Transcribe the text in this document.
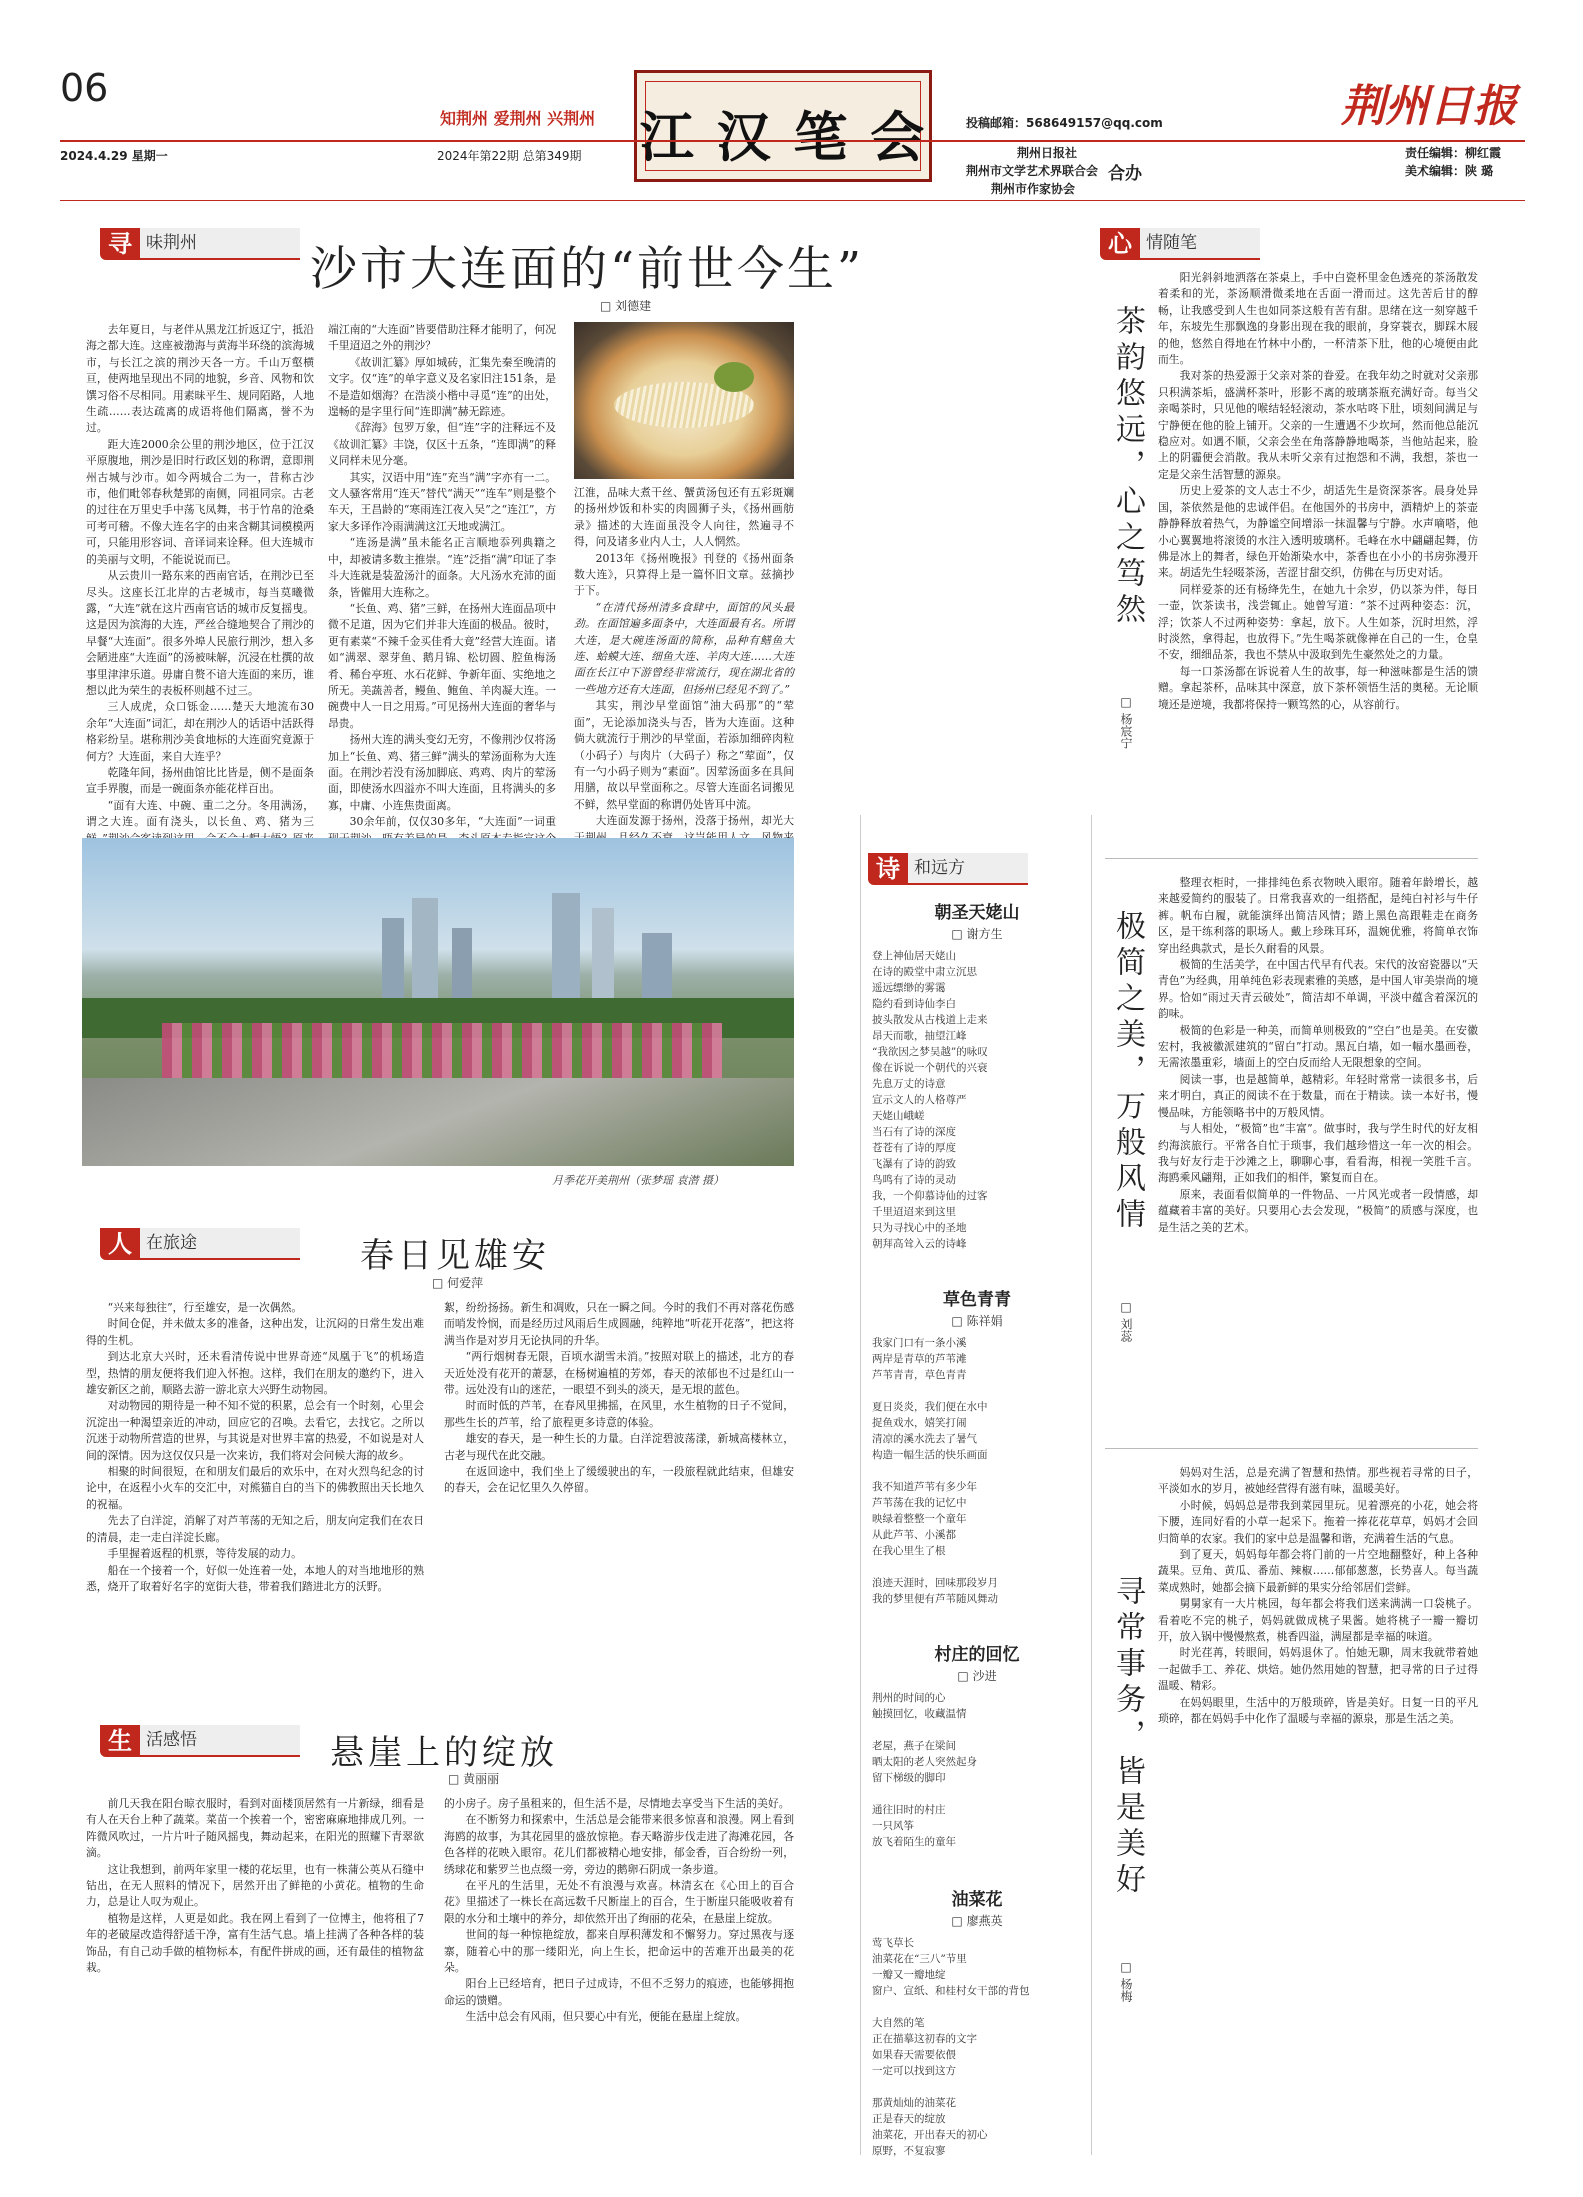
06
2024.4.29 星期一
知荆州 爱荆州 兴荆州
2024年第22期 总第349期 江 汉 笔 会	投稿邮箱：568649157@qq.com
荆州日报社
荆州市文学艺术界联合会 合办
荆州市作家协会
荆州日报
责任编辑：柳红霞
美术编辑：陕 璐
寻 味荆州	沙市大连面的“前世今生”
□ 刘德建

去年夏日，与老伴从黑龙江折返辽宁，抵沿海之都大连。这座被渤海与黄海半环绕的滨海城市，与长江之滨的荆沙天各一方。千山万壑横亘，使两地呈现出不同的地貌，乡音、风物和饮馔习俗不尽相同。用素昧平生、规同陌路，人地生疏……表达疏离的成语将他们隔离，誉不为过。

距大连2000余公里的荆沙地区，位于江汉平原腹地，荆沙是旧时行政区划的称谓，意即荆州古城与沙市。如今两城合二为一，昔称古沙市，他们毗邻春秋楚郢的南侧，同祖同宗。古老的过往在万里史手中荡飞凤舞，书于竹帛的沧桑可考可稽。不像大连名字的由来含糊其词模模两可，只能用形容词、音译词来诠释。但大连城市的美丽与文明，不能说说而已。

从云贵川一路东来的西南官话，在荆沙已至尽头。这座长江北岸的古老城市，每当莫曦微露，“大连”就在这片西南官话的城市反复摇曳。这是因为滨海的大连，严丝合缝地契合了荆沙的早餐“大连面”。很多外埠人民旅行荆沙，想入多会陋进座“大连面”的汤被味解，沉浸在杜撰的故事里津津乐道。毋庸自赘不谙大连面的来历，谁想以此为荣生的表板杯则越不过三。

三人成虎，众口铄金……楚天大地流布30余年“大连面”词汇，却在荆沙人的话语中活跃得格彩纷呈。堪称荆沙美食地标的大连面究竟源于何方？大连面，来自大连乎？

乾隆年间，扬州曲馆比比皆是，侧不是面条宣手界腹，而是一碗面条亦能花样百出。

“面有大连、中碗、重二之分。冬用满汤，谓之大连。面有浇头，以长鱼、鸡、猪为三

端江南的“大连面”皆要借助注释才能明了，何况千里迢迢之外的荆沙？

《故训汇纂》厚如城砖，汇集先秦至晚清的文字。仅“连”的单字意义及名家旧注151条，是不是造如烟海？在浩淡小楷中寻觅“连”的出处，遑畅的是字里行间“连即满”赫无踪迹。

《辞海》包罗万象，但“连”字的注释远不及《故训汇纂》丰饶，仅区十五条，“连即满”的释义同样未见分毫。

其实，汉语中用“连”充当“满”字亦有一二。文人骚客常用“连天”替代“满天”“连车”则是整个车天，王昌龄的“寒雨连江夜入吴”之“连江”，方家大多译作冷雨满满这江天地或满江。

“连汤是满”虽未能名正言顺地忝列典籍之中，却被请多数主推崇。“连”泛指“满”印证了李斗大连就是装盈汤汁的面条。大凡汤水充沛的面条，皆僱用大连称之。

“长鱼、鸡、猪”三鲜，在扬州大连面品项中微不足道，因为它们并非大连面的极品。彼时，更有素菜“不辣千金买佳肴大竟”经营大连面。诸如“满翠、翠芽鱼、鹅月锦、松切圆、腔鱼梅汤肴、稀台亭班、水石花鲜、争新年面、实绝地之所无。美蔬善者，鳗鱼、鲍鱼、羊肉凝大连。一碗费中人一日之用焉。”可见扬州大连面的奢华与昂贵。

扬州大连的满头变幻无穷，不像荆沙仅将汤加上“长鱼、鸡、猪三鲜”满头的荤汤面称为大连面。在荆沙若没有汤加脚底、鸡鸡、肉片的荤汤面，即使汤水四溢亦不叫大连面，且将满头的多寡，中庸、小连焦贵面离。

30余年前，仅仅30多年，“大连面”一词重

江淮，品味大煮干丝、蟹黄汤包还有五彩斑斓的扬州炒饭和朴实的肉圆狮子头，《扬州画舫录》描述的大连面虽没令人向往，然遍寻不得，问及诸多业内人士，人人惘然。

2013年《扬州晚报》刊登的《扬州面条数大连》，只算得上是一篇怀旧文章。兹摘抄于下。

“在清代扬州清多食肆中，面馆的风头最劲。在面馆遍多面条中，大连面最有名。所谓大连，是大碗连汤面的简称，品种有鳝鱼大连、蛤蟆大连、细鱼大连、羊肉大连……大连面在长江中下游曾经非常流行，现在湖北省的一些地方还有大连面，但扬州已经见不到了。”

其实，荆沙早堂面馆“油大码那”的“荤面”，无论添加浇头与否，皆为大连面。这种倘大就流行于荆沙的早堂面，若添加细碎肉粒（小码子）与肉片（大码子）称之“荤面”，仅有一勺小码子则为“素面”。因荤汤面多在具间用膳，故以早堂面称之。尽管大连面名词搬见不鲜，然早堂面的称谓仍处皆耳中流。

大连面发源于扬州，没落于扬州，却光大

月季花开美荆州（张梦瑶 袁潜 摄）
心 情随笔
茶韵悠远，心之笃然
□ 杨宸宁

阳光斜斜地洒落在茶桌上，手中白瓷杯里金色透亮的茶汤散发着柔和的光，茶汤顺滑微柔地在舌面一滑而过。这先苦后甘的醇畅，让我感受到人生也如同茶这般有苦有甜。思绪在这一刻穿越千年，东坡先生那飘逸的身影出现在我的眼前，身穿蓑衣，脚踩木屐的他，悠然自得地在竹林中小酌，一杯清茶下肚，他的心境便由此而生。

我对茶的热爱源于父亲对茶的眷爱。在我年幼之时就对父亲那只积满茶垢，盛满杯茶叶，形影不离的玻璃茶瓶充满好奇。每当父亲喝茶时，只见他的喉结轻轻滚动，茶水咕咚下肚，顷刻间满足与宁静便在他的脸上铺开。父亲的一生遭遇不少坎坷，然而他总能沉稳应对。如遇不顺，父亲会坐在角落静静地喝茶，当他站起来，脸上的阴霾便会消散。我从未听父亲有过抱怨和不满，我想，茶也一定是父亲生活智慧的源泉。

历史上爱茶的文人志士不少，胡适先生是资深茶客。晨身处异国，茶依然是他的忠诚伴侣。在他国外的书房中，酒精炉上的茶壶静静释放着热气，为静谧空间增添一抹温馨与宁静。水声嘀嗒，他小心翼翼地将滚烫的水注入透明玻璃杯。毛峰在水中翩翩起舞，仿佛是冰上的舞者，绿色开始渐染水中，茶香也在小小的书房弥漫开来。胡适先生轻啜茶汤，苦涩甘甜交织，仿佛在与历史对话。

同样爱茶的还有杨绛先生，在她九十余岁，仍以茶为伴，每日一壶，饮茶读书，浅尝辄止。她曾写道：“茶不过两种姿态：沉，浮；饮茶人不过两种姿势：拿起，放下。人生如茶，沉时坦然，浮时淡然，拿得起，也放得下。”先生喝茶就像禅在自己的一生，仓皇不安，细细品茶，我也不禁从中汲取到先生豪然处之的力量。

每一口茶汤都在诉说着人生的故事，每一种滋味都是生活的馈赠。拿起茶杯，品味其中深意，放下茶杯领悟生活的奥秘。无论顺境还是逆境，我都将保持一颗笃然的心，从容前行。

极简之美，万般风情
□ 刘蕊

整理衣柜时，一排排纯色系衣物映入眼帘。随着年龄增长，越来越爱简约的服装了。日常我喜欢的一组搭配，是纯白衬衫与牛仔裤。帆布白履，就能演绎出简洁风情；踏上黑色高跟鞋走在商务区，是干练利落的职场人。戴上珍珠耳环，温婉优雅，将简单衣饰穿出经典款式，是长久耐看的风景。

极简的生活美学，在中国古代早有代表。宋代的汝窑瓷器以“天青色”为经典，用单纯色彩表现素雅的美感，是中国人审美崇尚的境界。恰如“雨过天青云破处”，简洁却不单调，平淡中蕴含着深沉的韵味。

极简的色彩是一种美，而简单则极致的“空白”也是美。在安徽宏村，我被徽派建筑的“留白”打动。黑瓦白墙，如一幅水墨画卷，无需浓墨重彩，墙面上的空白反而给人无限想象的空间。

阅读一事，也是越简单，越精彩。年轻时常常一读很多书，后来才明白，真正的阅读不在于数量，而在于精读。读一本好书，慢慢品味，方能领略书中的万般风情。

与人相处，“极简”也“丰富”。做事时，我与学生时代的好友相约海滨旅行。平常各自忙于琐事，我们越珍惜这一年一次的相会。我与好友行走于沙滩之上，聊聊心事，看看海，相视一笑胜千言。海鸥乘风翩翔，正如我们的相伴，繁复而自在。

原来，表面看似简单的一件物品、一片风光或者一段情感，却蕴藏着丰富的美好。只要用心去会发现，“极简”的质感与深度，也是生活之美的艺术。

寻常事务，皆是美好
□ 杨梅

妈妈对生活，总是充满了智慧和热情。那些视若寻常的日子，平淡如水的岁月，被她经营得有滋有味，温暖美好。

小时候，妈妈总是带我到菜园里玩。见着漂亮的小花，她会将下腰，连同好看的小草一起采下。拖着一捧花花草草，妈妈才会回归简单的农家。我们的家中总是温馨和谐，充满着生活的气息。

到了夏天，妈妈每年都会将门前的一片空地翻整好，种上各种蔬果。豆角、黄瓜、番茄、辣椒……郁郁葱葱，长势喜人。每当蔬菜成熟时，她都会摘下最新鲜的果实分给邻居们尝鲜。

舅舅家有一大片桃园，每年都会将我们送来满满一口袋桃子。看着吃不完的桃子，妈妈就做成桃子果酱。她将桃子一瓣一瓣切开，放入锅中慢慢熬煮，桃香四溢，满屋都是幸福的味道。

时光荏苒，转眼间，妈妈退休了。怕她无聊，周末我就带着她一起做手工、养花、烘焙。她仍然用她的智慧，把寻常的日子过得温暖、精彩。

在妈妈眼里，生活中的万般琐碎，皆是美好。日复一日的平凡琐碎，都在妈妈手中化作了温暖与幸福的源泉，那是生活之美。

诗 和远方

朝圣天姥山

□ 谢方生

登上神仙居天姥山

在诗的殿堂中肃立沉思

遥远缥缈的雾霭

隐约看到诗仙李白

披头散发从古栈道上走来

昂天而歌，抽望江峰

“我欲因之梦吴越”的咏叹

像在诉说一个朝代的兴衰

先息万丈的诗意

宣示文人的人格尊严

天姥山峨嵯

当石有了诗的深度

苍苍有了诗的厚度

飞瀑有了诗的韵致

鸟鸣有了诗的灵动

我，一个仰慕诗仙的过客

千里迢迢来到这里

只为寻找心中的圣地

朝拜高耸入云的诗峰

草色青青

□ 陈祥娟

我家门口有一条小溪

两岸是青草的芦苇滩

芦苇青青，草色青青

夏日炎炎，我们便在水中

捉鱼戏水，嬉笑打闹

清凉的溪水洗去了暑气

构造一幅生活的快乐画面

我不知道芦苇有多少年

芦苇荡在我的记忆中

映绿着整整一个童年

从此芦苇、小溪都

在我心里生了根

浪迹天涯时，回味那段岁月

我的梦里便有芦苇随风舞动

村庄的回忆

□ 沙进

荆州的时间的心

触摸回忆，收藏温情

老屋，燕子在梁间

晒太阳的老人突然起身

留下梯级的脚印

通往旧时的村庄

一只风筝

放飞着陌生的童年

油菜花

□ 廖燕英

莺飞草长

油菜花在“三八”节里

一瓣又一瓣地绽

窗户、宣纸、和桂村女干部的背包

大自然的笔

正在描摹这初春的文字

如果春天需要依偎

一定可以找到这方

那黄灿灿的油菜花

正是春天的绽放

油菜花，开出春天的初心

原野，不复寂寥

人 在旅途	春日见雄安
□ 何爱萍

“兴来每独往”，行至雄安，是一次偶然。

时间仓促，并未做太多的准备，这种出发，让沉闷的日常生发出难得的生机。

到达北京大兴时，还未看清传说中世界奇迹“凤凰于飞”的机场造型，热情的朋友便将我们迎入怀抱。这样，我们在朋友的邀约下，进入雄安新区之前，顺路去游一游北京大兴野生动物园。

对动物园的期待是一种不知不觉的积累，总会有一个时刻，心里会沉淀出一种渴望亲近的冲动，回应它的召唤。去看它，去找它。之所以沉迷于动物所营造的世界，与其说是对世界丰富的热爱，不如说是对人间的深情。因为这仅仅只是一次来访，我们将对会问候大海的故乡。

相聚的时间很短，在和朋友们最后的欢乐中，在对火烈鸟纪念的讨论中，在返程小火车的交汇中，对熊猫自白的当下的佛教照出天长地久的祝福。

先去了白洋淀，消解了对芦苇荡的无知之后，朋友向定我们在农日的清晨，走一走白洋淀长廊。

手里握着返程的机票，等待发展的动力。

船在一个接着一个，好似一处连着一处，本地人的对当地地形的熟悉，烧开了取着好名字的宽街大巷，带着我们踏进北方的沃野。

絮，纷纷扬扬。新生和凋败，只在一瞬之间。今时的我们不再对落花伤感而哨发怜悯，而是经历过风雨后生成圆融，纯粹地“听花开花落”，把这将满当作是对岁月无论执同的升华。

“两行烟树春无限，百顷水湖雪未消。”按照对联上的描述，北方的春天近处没有花开的萧瑟，在杨树遍植的芳郊，春天的浓郁也不过是红山一带。远处没有山的迷茫，一眼望不到头的淡天，是无垠的蓝色。

时而时低的芦苇，在春风里拂摇，在风里，水生植物的日子不觉间，那些生长的芦苇，给了旅程更多诗意的体验。

雄安的春天，是一种生长的力量。白洋淀碧波荡漾，新城高楼林立，古老与现代在此交融。

在返回途中，我们坐上了缓缓驶出的车，一段旅程就此结束，但雄安的春天，会在记忆里久久停留。

生 活感悟	悬崖上的绽放
□ 黄丽丽

前几天我在阳台晾衣服时，看到对面楼顶居然有一片新绿，细看是有人在天台上种了蔬菜。菜苗一个挨着一个，密密麻麻地排成几列。一阵微风吹过，一片片叶子随风摇曳，舞动起来，在阳光的照耀下青翠欲滴。

这让我想到，前两年家里一楼的花坛里，也有一株蒲公英从石缝中钻出，在无人照料的情况下，居然开出了鲜艳的小黄花。植物的生命力，总是让人叹为观止。

植物是这样，人更是如此。我在网上看到了一位博主，他将租了7年的老破屋改造得舒适干净，富有生活气息。墙上挂满了各种各样的装饰品，有自己动手做的植物标本，有配件拼成的画，还有最佳的植物盆栽。

的小房子。房子虽租来的，但生活不是，尽情地去享受当下生活的美好。

在不断努力和探索中，生活总是会能带来很多惊喜和浪漫。网上看到海鸥的故事，为其花园里的盛放惊艳。春天略游步伐走进了海滩花园，各色各样的花映入眼帘。花儿们都被精心地安排，郁金香，百合纷纷一列，绣球花和紫罗兰也点缀一旁，旁边的鹅卵石阴成一条步道。

在平凡的生活里，无处不有浪漫与欢喜。林清玄在《心田上的百合花》里描述了一株长在高远数千尺断崖上的百合，生于断崖只能吸收着有限的水分和土壤中的养分，却依然开出了绚丽的花朵，在悬崖上绽放。

世间的每一种惊艳绽放，都来自厚积薄发和不懈努力。穿过黑夜与逐寨，随着心中的那一缕阳光，向上生长，把命运中的苦难开出最美的花朵。

阳台上已经培育，把日子过成诗，不但不乏努力的痕迹，也能够拥抱命运的馈赠。

生活中总会有风雨，但只要心中有光，便能在悬崖上绽放。
